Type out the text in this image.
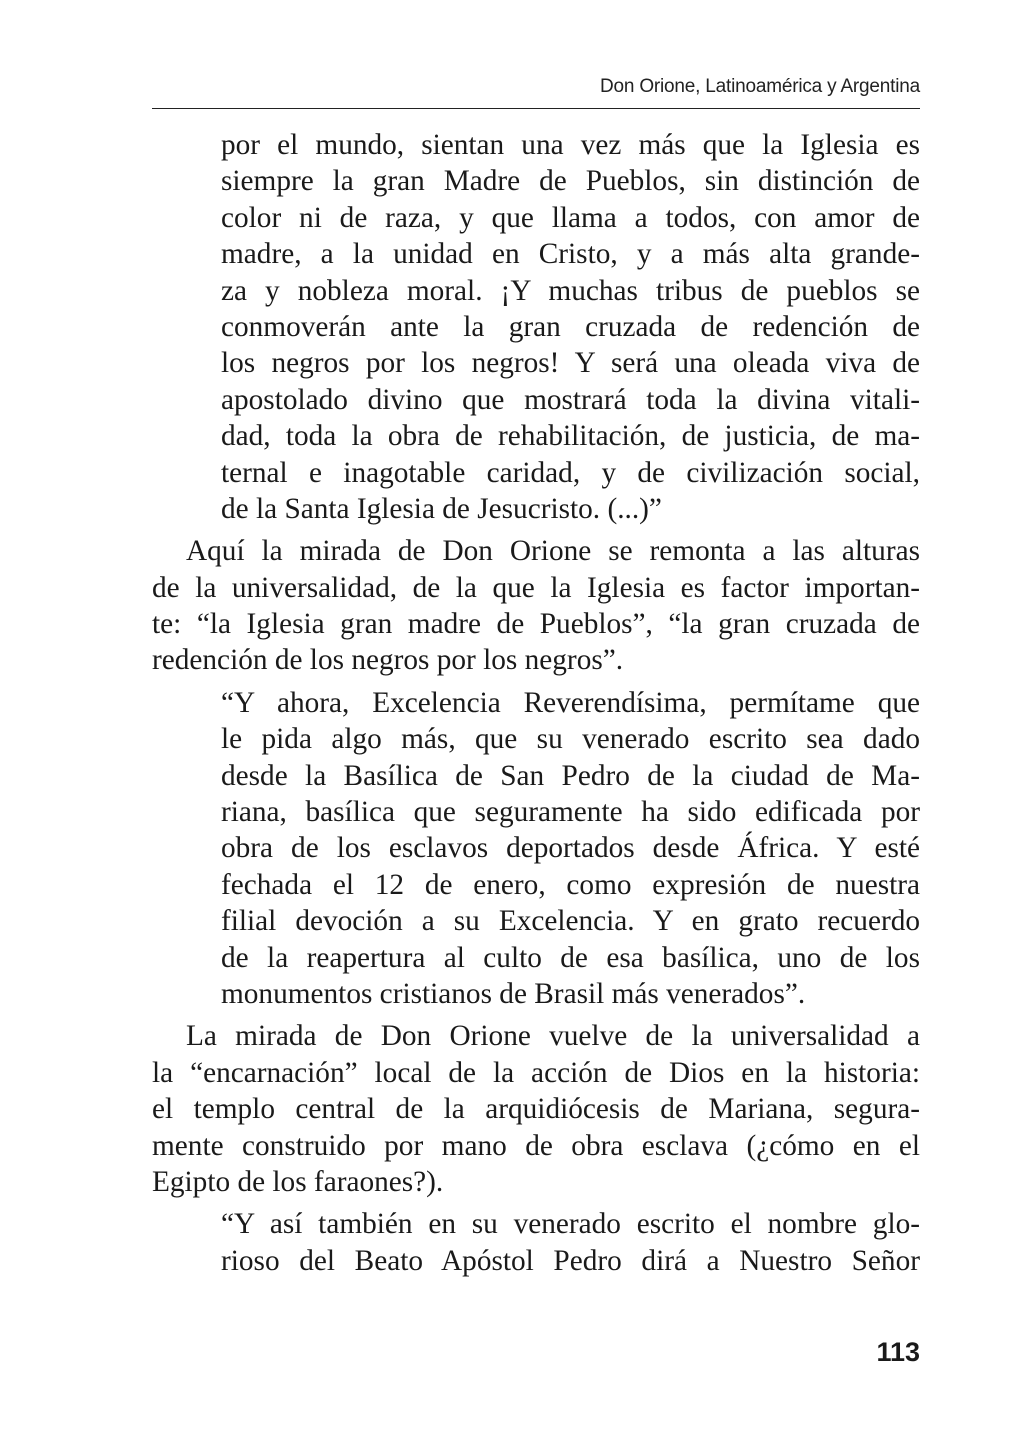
Don Orione, Latinoamérica y Argentina
por el mundo, sientan una vez más que la Iglesia es
siempre la gran Madre de Pueblos, sin distinción de
color ni de raza, y que llama a todos, con amor de
madre, a la unidad en Cristo, y a más alta grande-
za y nobleza moral. ¡Y muchas tribus de pueblos se
conmoverán ante la gran cruzada de redención de
los negros por los negros! Y será una oleada viva de
apostolado divino que mostrará toda la divina vitali-
dad, toda la obra de rehabilitación, de justicia, de ma-
ternal e inagotable caridad, y de civilización social,
de la Santa Iglesia de Jesucristo. (...)”
Aquí la mirada de Don Orione se remonta a las alturas
de la universalidad, de la que la Iglesia es factor importan-
te: “la Iglesia gran madre de Pueblos”, “la gran cruzada de
redención de los negros por los negros”.
“Y ahora, Excelencia Reverendísima, permítame que
le pida algo más, que su venerado escrito sea dado
desde la Basílica de San Pedro de la ciudad de Ma-
riana, basílica que seguramente ha sido edificada por
obra de los esclavos deportados desde África. Y esté
fechada el 12 de enero, como expresión de nuestra
filial devoción a su Excelencia. Y en grato recuerdo
de la reapertura al culto de esa basílica, uno de los
monumentos cristianos de Brasil más venerados”.
La mirada de Don Orione vuelve de la universalidad a
la “encarnación” local de la acción de Dios en la historia:
el templo central de la arquidiócesis de Mariana, segura-
mente construido por mano de obra esclava (¿cómo en el
Egipto de los faraones?).
“Y así también en su venerado escrito el nombre glo-
rioso del Beato Apóstol Pedro dirá a Nuestro Señor
113
